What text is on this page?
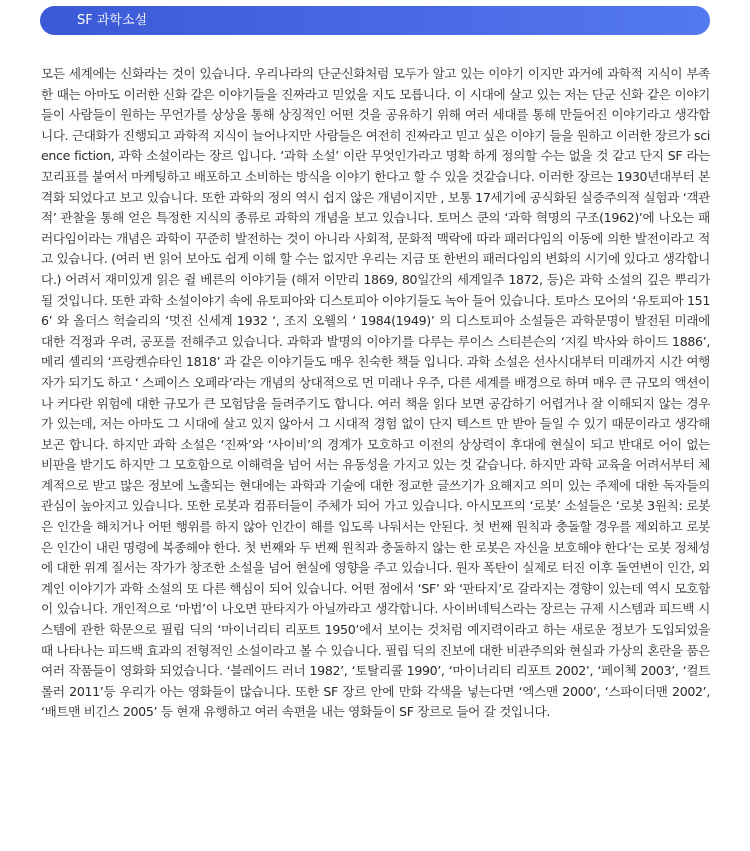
SF 과학소설

모든 세계에는 신화라는 것이 있습니다. 우리나라의 단군신화처럼 모두가 알고 있는 이야기 이지만 과거에 과학적 지식이 부족한 때는 아마도 이러한 신화 같은 이야기들을 진짜라고 믿었을 지도 모릅니다. 이 시대에 살고 있는 저는 단군 신화 같은 이야기들이 사람들이 원하는 무언가를 상상을 통해 상징적인 어떤 것을 공유하기 위해 여러 세대를 통해 만들어진 이야기라고 생각합니다. 근대화가 진행되고 과학적 지식이 늘어나지만 사람들은 여전히 진짜라고 믿고 싶은 이야기 들을 원하고 이러한 장르가 science fiction, 과학 소설이라는 장르 입니다. ‘과학 소설’ 이란 무엇인가라고 명확 하게 정의할 수는 없을 것 같고 단지 SF 라는 꼬리표를 붙여서 마케팅하고 배포하고 소비하는 방식을 이야기 한다고 할 수 있을 것같습니다. 이러한 장르는 1930년대부터 본격화 되었다고 보고 있습니다. 또한 과학의 정의 역시 쉽지 않은 개념이지만 , 보통 17세기에 공식화된 실증주의적 실험과 ‘객관적’ 관찰을 통해 얻은 특정한 지식의 종류로 과학의 개념을 보고 있습니다. 토머스 쿤의 ‘과학 혁명의 구조(1962)’에 나오는 패러다임이라는 개념은 과학이 꾸준히 발전하는 것이 아니라 사회적, 문화적 맥락에 따라 패러다임의 이동에 의한 발전이라고 적고 있습니다. (여러 번 읽어 보아도 쉽게 이해 할 수는 없지만 우리는 지금 또 한번의 패러다임의 변화의 시기에 있다고 생각합니다.) 어려서 재미있게 읽은 쥘 베른의 이야기들 (해저 이만리 1869, 80일간의 세계일주 1872, 등)은 과학 소설의 깊은 뿌리가 될 것입니다. 또한 과학 소설이야기 속에 유토피아와 디스토피아 이야기들도 녹아 들어 있습니다. 토마스 모어의 ‘유토피아 1516’ 와 올더스 헉슬리의 ‘멋진 신세계 1932 ‘, 조지 오웰의 ‘ 1984(1949)’ 의 디스토피아 소설들은 과학문명이 발전된 미래에 대한 걱정과 우려, 공포를 전해주고 있습니다. 과학과 발명의 이야기를 다루는 루이스 스티븐슨의 ‘지킬 박사와 하이드 1886’, 메리 셸리의 ‘프랑켄슈타인 1818’ 과 같은 이야기들도 매우 친숙한 책들 입니다. 과학 소설은 선사시대부터 미래까지 시간 여행자가 되기도 하고 ‘ 스페이스 오페라’라는 개념의 상대적으로 먼 미래나 우주, 다른 세계를 배경으로 하며 매우 큰 규모의 액션이나 커다란 위험에 대한 규모가 큰 모험담을 들려주기도 합니다. 여러 책을 읽다 보면 공감하기 어렵거나 잘 이해되지 않는 경우가 있는데, 저는 아마도 그 시대에 살고 있지 않아서 그 시대적 경험 없이 단지 텍스트 만 받아 들일 수 있기 때문이라고 생각해보곤 합니다. 하지만 과학 소설은 ‘진짜’와 ‘사이비’의 경계가 모호하고 이전의 상상력이 후대에 현실이 되고 반대로 어이 없는 비판을 받기도 하지만 그 모호함으로 이해력을 넘어 서는 유동성을 가지고 있는 것 같습니다. 하지만 과학 교육을 어려서부터 체계적으로 받고 많은 정보에 노출되는 현대에는 과학과 기술에 대한 정교한 글쓰기가 요해지고 의미 있는 주제에 대한 독자들의 관심이 높아지고 있습니다. 또한 로봇과 컴퓨터들이 주체가 되어 가고 있습니다. 아시모프의 ‘로봇’ 소설들은 ‘로봇 3원칙: 로봇은 인간을 해치거나 어떤 행위를 하지 않아 인간이 해를 입도록 나둬서는 안된다. 첫 번째 원칙과 충돌할 경우를 제외하고 로봇은 인간이 내린 명령에 복종해야 한다. 첫 번째와 두 번째 원칙과 충돌하지 않는 한 로봇은 자신을 보호해야 한다’는 로봇 정체성에 대한 위계 질서는 작가가 창조한 소설을 넘어 현실에 영향을 주고 있습니다. 원자 폭탄이 실제로 터진 이후 돌연변이 인간, 외계인 이야기가 과학 소설의 또 다른 핵심이 되어 있습니다. 어떤 점에서 ‘SF’ 와 ‘판타지’로 갈라지는 경향이 있는데 역시 모호함이 있습니다. 개인적으로 ‘마법’이 나오면 판타지가 아닐까라고 생각합니다. 사이버네틱스라는 장르는 규제 시스템과 피드백 시스템에 관한 학문으로 필립 딕의 ‘마이너리티 리포트 1950’에서 보이는 것처럼 예지력이라고 하는 새로운 정보가 도입되었을 때 나타나는 피드백 효과의 전형적인 소설이라고 볼 수 있습니다. 필립 딕의 진보에 대한 비관주의와 현실과 가상의 혼란을 품은 여러 작품들이 영화화 되었습니다. ‘블레이드 러너 1982’, ‘토탈리콜 1990’, ‘마이너리티 리포트 2002’, ‘페이첵 2003’, ‘컬트롤러 2011’등 우리가 아는 영화들이 많습니다. 또한 SF 장르 안에 만화 각색을 넣는다면 ‘엑스맨 2000’, ‘스파이더맨 2002’, ‘배트맨 비긴스 2005’ 등 현재 유행하고 여러 속편을 내는 영화들이 SF 장르로 들어 갈 것입니다.
